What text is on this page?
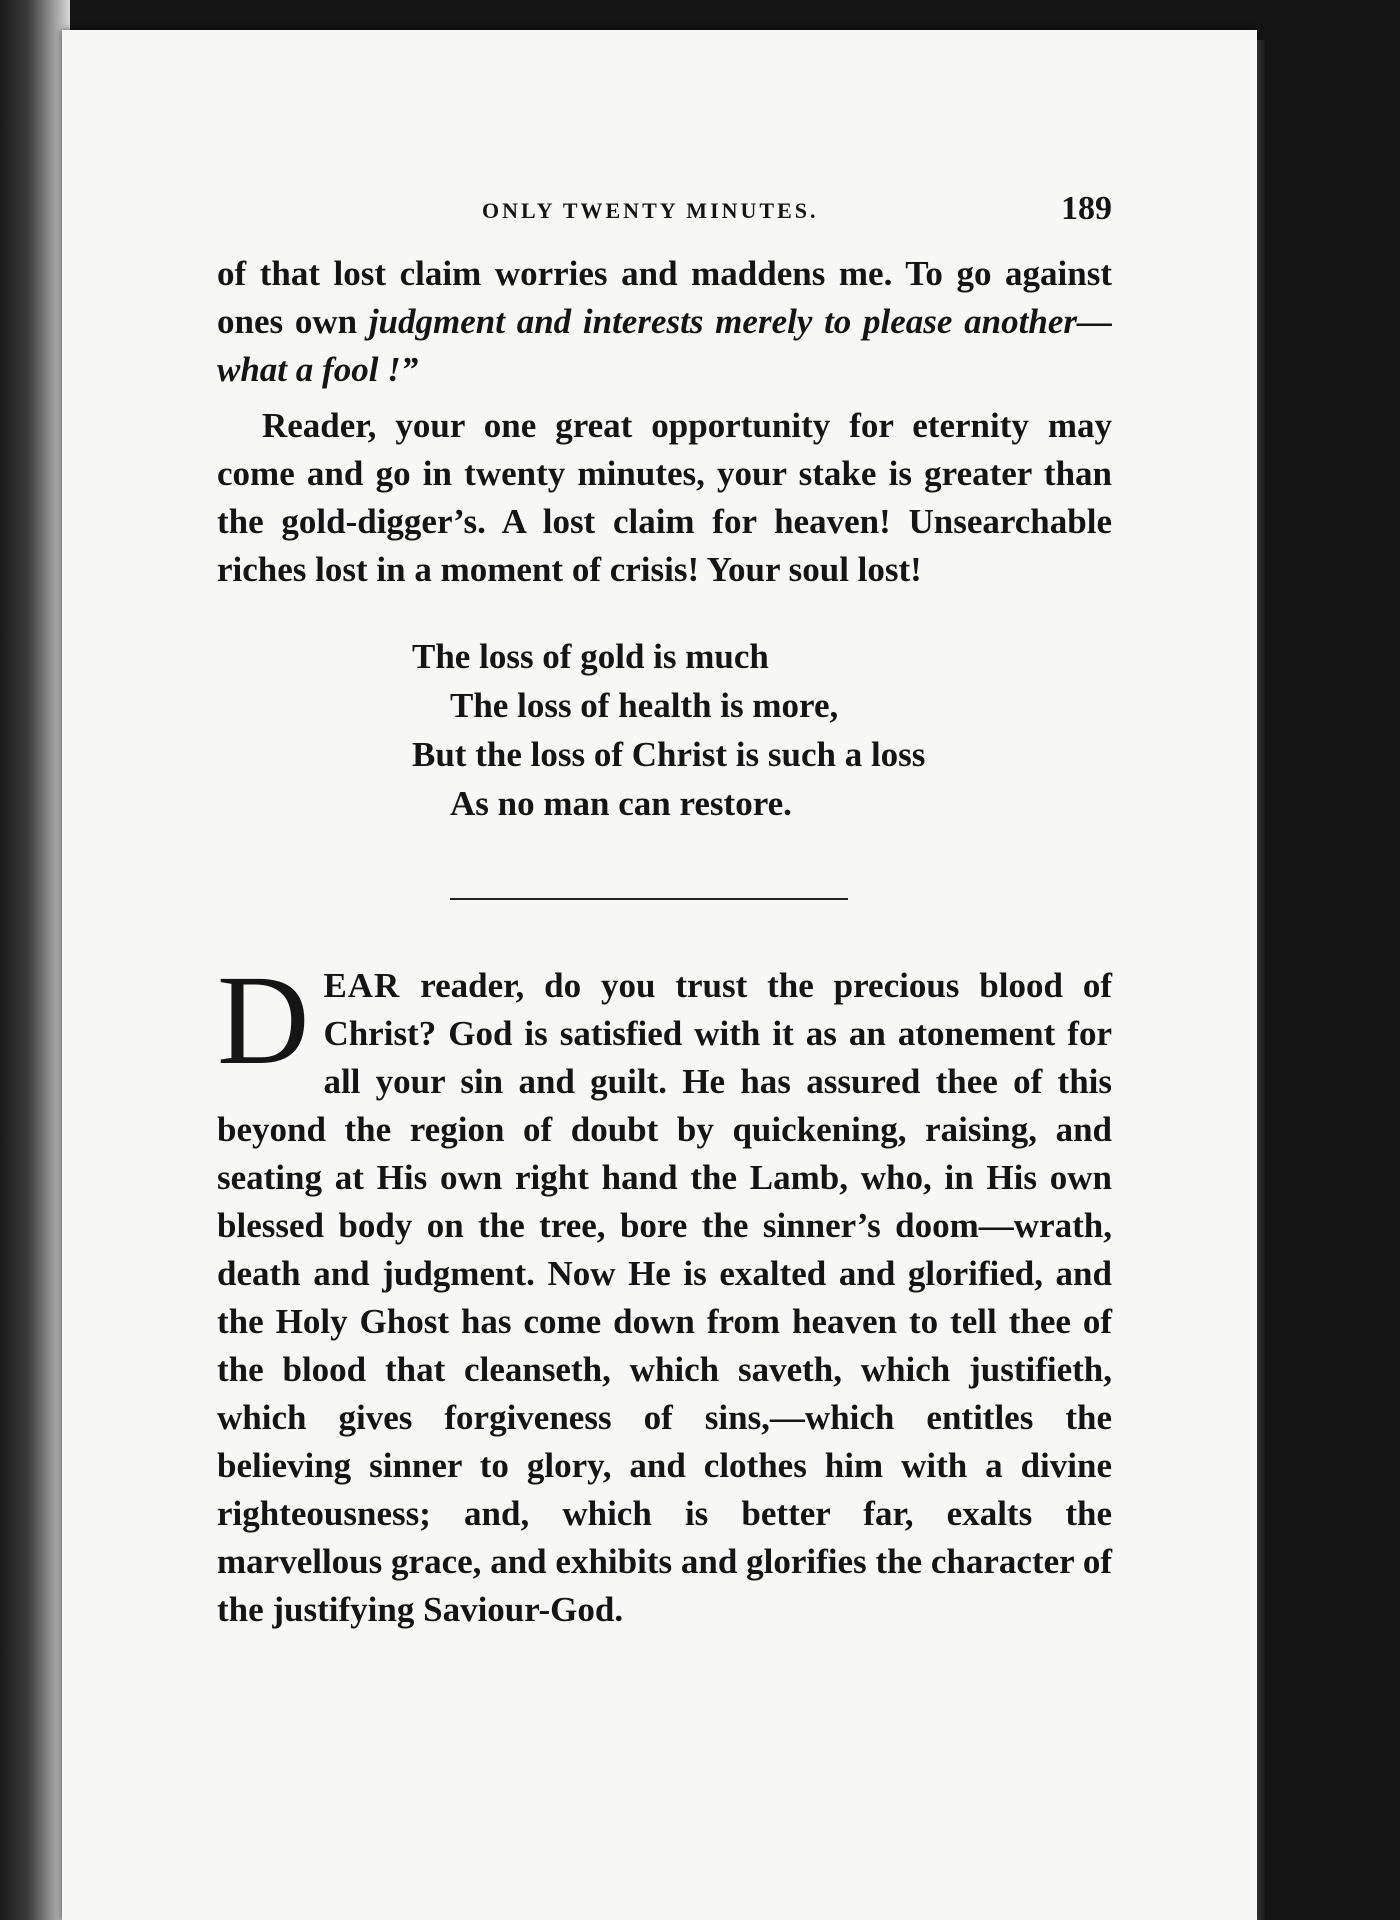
ONLY TWENTY MINUTES.	189

of that lost claim worries and maddens me. To go against ones own judgment and interests merely to please another—what a fool !”

Reader, your one great opportunity for eternity may come and go in twenty minutes, your stake is greater than the gold-digger’s. A lost claim for heaven! Unsearchable riches lost in a moment of crisis! Your soul lost!

The loss of gold is much
The loss of health is more,
But the loss of Christ is such a loss
As no man can restore.

DEAR reader, do you trust the precious blood of Christ? God is satisfied with it as an atonement for all your sin and guilt. He has assured thee of this beyond the region of doubt by quickening, raising, and seating at His own right hand the Lamb, who, in His own blessed body on the tree, bore the sinner’s doom—wrath, death and judgment. Now He is exalted and glorified, and the Holy Ghost has come down from heaven to tell thee of the blood that cleanseth, which saveth, which justifieth, which gives forgiveness of sins,—which entitles the believing sinner to glory, and clothes him with a divine righteousness; and, which is better far, exalts the marvellous grace, and exhibits and glorifies the character of the justifying Saviour-God.
